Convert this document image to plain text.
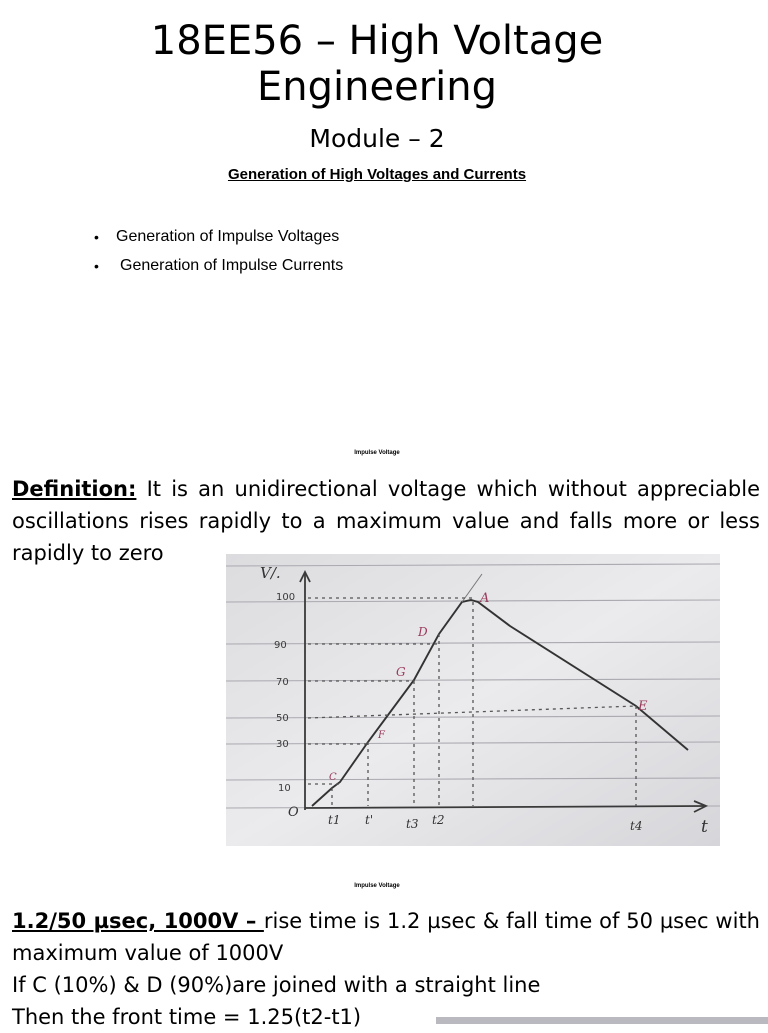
18EE56 – High Voltage
Engineering
Module – 2
Generation of High Voltages and Currents
•	Generation of Impulse Voltages
•	Generation of Impulse Currents
Impulse Voltage
Definition: It is an unidirectional voltage which without appreciable oscillations rises rapidly to a maximum value and falls more or less rapidly to zero
V/.
t
O
100
90
70
50
30
10
t1 t'	t3 t2	t4
A
D
G
F
C
E
Impulse Voltage
1.2/50 µsec, 1000V – rise time is 1.2 µsec & fall time of 50 µsec with maximum value of 1000V
If C (10%) & D (90%)are joined with a straight line
Then the front time = 1.25(t2-t1)
